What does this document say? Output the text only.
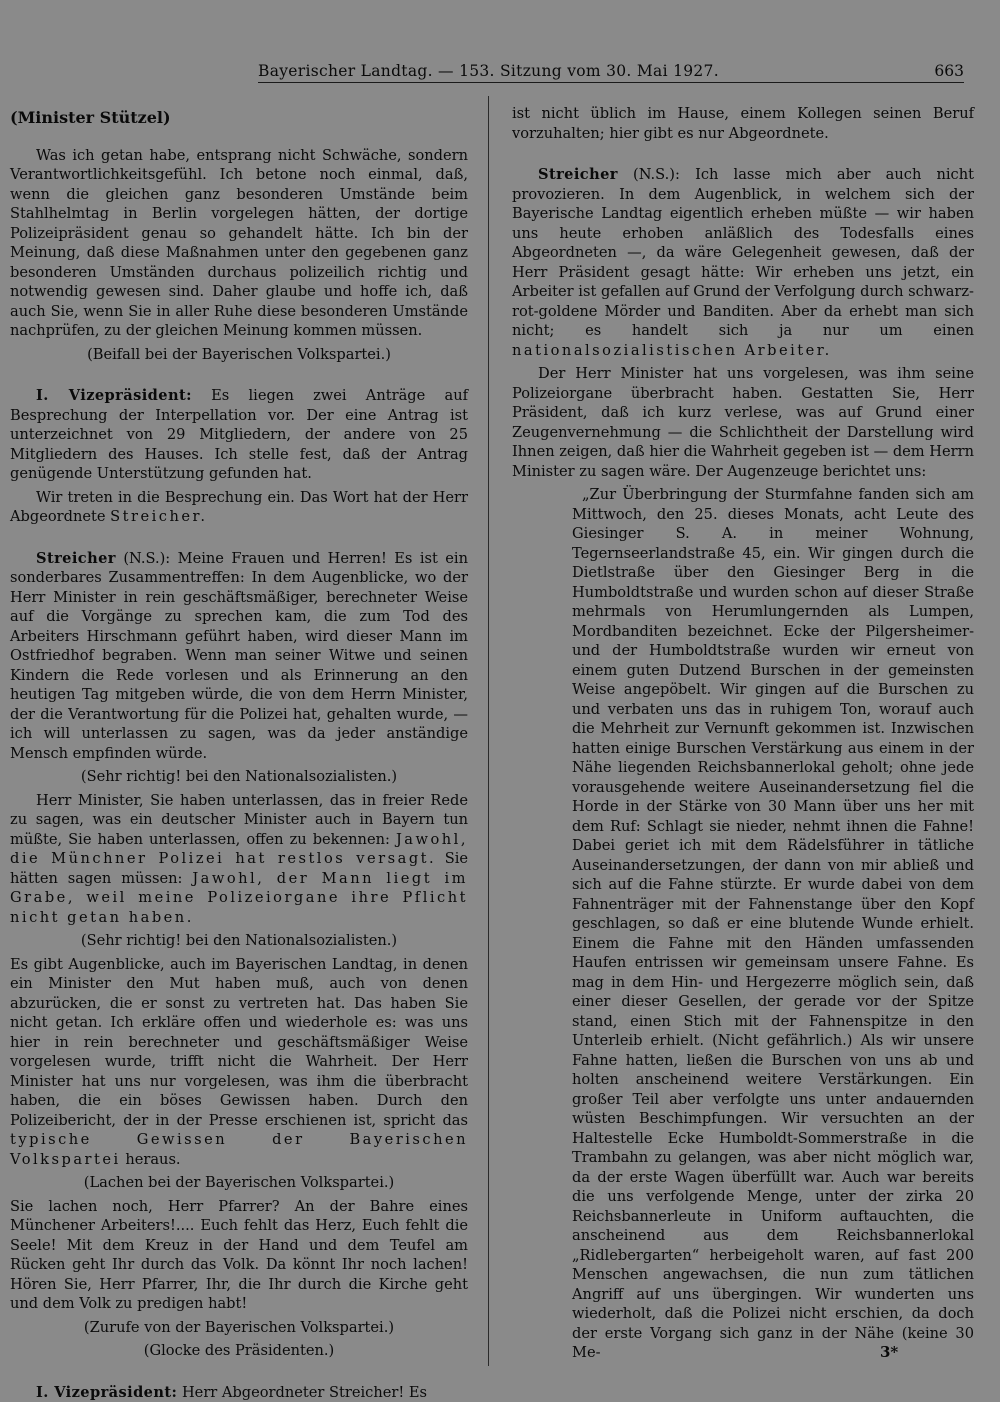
Bayerischer Landtag. — 153. Sitzung vom 30. Mai 1927.	663

(Minister Stützel)

Was ich getan habe, entsprang nicht Schwäche, sondern Verantwortlichkeitsgefühl. Ich betone noch einmal, daß, wenn die gleichen ganz besonderen Umstände beim Stahlhelmtag in Berlin vorgelegen hätten, der dortige Polizeipräsident genau so gehandelt hätte. Ich bin der Meinung, daß diese Maßnahmen unter den gegebenen ganz besonderen Umständen durchaus polizeilich richtig und notwendig gewesen sind. Daher glaube und hoffe ich, daß auch Sie, wenn Sie in aller Ruhe diese besonderen Umstände nachprüfen, zu der gleichen Meinung kommen müssen.

(Beifall bei der Bayerischen Volkspartei.)

I. Vizepräsident: Es liegen zwei Anträge auf Besprechung der Interpellation vor. Der eine Antrag ist unterzeichnet von 29 Mitgliedern, der andere von 25 Mitgliedern des Hauses. Ich stelle fest, daß der Antrag genügende Unterstützung gefunden hat.

Wir treten in die Besprechung ein. Das Wort hat der Herr Abgeordnete Streicher.

Streicher (N.S.): Meine Frauen und Herren! Es ist ein sonderbares Zusammentreffen: In dem Augenblicke, wo der Herr Minister in rein geschäftsmäßiger, berechneter Weise auf die Vorgänge zu sprechen kam, die zum Tod des Arbeiters Hirschmann geführt haben, wird dieser Mann im Ostfriedhof begraben. Wenn man seiner Witwe und seinen Kindern die Rede vorlesen und als Erinnerung an den heutigen Tag mitgeben würde, die von dem Herrn Minister, der die Verantwortung für die Polizei hat, gehalten wurde, — ich will unterlassen zu sagen, was da jeder anständige Mensch empfinden würde.

(Sehr richtig! bei den Nationalsozialisten.)

Herr Minister, Sie haben unterlassen, das in freier Rede zu sagen, was ein deutscher Minister auch in Bayern tun müßte, Sie haben unterlassen, offen zu bekennen: Jawohl, die Münchner Polizei hat restlos versagt. Sie hätten sagen müssen: Jawohl, der Mann liegt im Grabe, weil meine Polizeiorgane ihre Pflicht nicht getan haben.

(Sehr richtig! bei den Nationalsozialisten.)

Es gibt Augenblicke, auch im Bayerischen Landtag, in denen ein Minister den Mut haben muß, auch von denen abzurücken, die er sonst zu vertreten hat. Das haben Sie nicht getan. Ich erkläre offen und wiederhole es: was uns hier in rein berechneter und geschäftsmäßiger Weise vorgelesen wurde, trifft nicht die Wahrheit. Der Herr Minister hat uns nur vorgelesen, was ihm die überbracht haben, die ein böses Gewissen haben. Durch den Polizeibericht, der in der Presse erschienen ist, spricht das typische Gewissen der Bayerischen Volkspartei heraus.

(Lachen bei der Bayerischen Volkspartei.)

Sie lachen noch, Herr Pfarrer? An der Bahre eines Münchener Arbeiters!.... Euch fehlt das Herz, Euch fehlt die Seele! Mit dem Kreuz in der Hand und dem Teufel am Rücken geht Ihr durch das Volk. Da könnt Ihr noch lachen! Hören Sie, Herr Pfarrer, Ihr, die Ihr durch die Kirche geht und dem Volk zu predigen habt!

(Zurufe von der Bayerischen Volkspartei.)

(Glocke des Präsidenten.)

I. Vizepräsident: Herr Abgeordneter Streicher! Es

ist nicht üblich im Hause, einem Kollegen seinen Beruf vorzuhalten; hier gibt es nur Abgeordnete.

Streicher (N.S.): Ich lasse mich aber auch nicht provozieren. In dem Augenblick, in welchem sich der Bayerische Landtag eigentlich erheben müßte — wir haben uns heute erhoben anläßlich des Todesfalls eines Abgeordneten —, da wäre Gelegenheit gewesen, daß der Herr Präsident gesagt hätte: Wir erheben uns jetzt, ein Arbeiter ist gefallen auf Grund der Verfolgung durch schwarz-rot-goldene Mörder und Banditen. Aber da erhebt man sich nicht; es handelt sich ja nur um einen nationalsozialistischen Arbeiter.

Der Herr Minister hat uns vorgelesen, was ihm seine Polizeiorgane überbracht haben. Gestatten Sie, Herr Präsident, daß ich kurz verlese, was auf Grund einer Zeugenvernehmung — die Schlichtheit der Darstellung wird Ihnen zeigen, daß hier die Wahrheit gegeben ist — dem Herrn Minister zu sagen wäre. Der Augenzeuge berichtet uns:

„Zur Überbringung der Sturmfahne fanden sich am Mittwoch, den 25. dieses Monats, acht Leute des Giesinger S. A. in meiner Wohnung, Tegernseerlandstraße 45, ein. Wir gingen durch die Dietlstraße über den Giesinger Berg in die Humboldtstraße und wurden schon auf dieser Straße mehrmals von Herumlungernden als Lumpen, Mordbanditen bezeichnet. Ecke der Pilgersheimer- und der Humboldtstraße wurden wir erneut von einem guten Dutzend Burschen in der gemeinsten Weise angepöbelt. Wir gingen auf die Burschen zu und verbaten uns das in ruhigem Ton, worauf auch die Mehrheit zur Vernunft gekommen ist. Inzwischen hatten einige Burschen Verstärkung aus einem in der Nähe liegenden Reichsbannerlokal geholt; ohne jede vorausgehende weitere Auseinandersetzung fiel die Horde in der Stärke von 30 Mann über uns her mit dem Ruf: Schlagt sie nieder, nehmt ihnen die Fahne! Dabei geriet ich mit dem Rädelsführer in tätliche Auseinandersetzungen, der dann von mir abließ und sich auf die Fahne stürzte. Er wurde dabei von dem Fahnenträger mit der Fahnenstange über den Kopf geschlagen, so daß er eine blutende Wunde erhielt. Einem die Fahne mit den Händen umfassenden Haufen entrissen wir gemeinsam unsere Fahne. Es mag in dem Hin- und Hergezerre möglich sein, daß einer dieser Gesellen, der gerade vor der Spitze stand, einen Stich mit der Fahnenspitze in den Unterleib erhielt. (Nicht gefährlich.) Als wir unsere Fahne hatten, ließen die Burschen von uns ab und holten anscheinend weitere Verstärkungen. Ein großer Teil aber verfolgte uns unter andauernden wüsten Beschimpfungen. Wir versuchten an der Haltestelle Ecke Humboldt-Sommerstraße in die Trambahn zu gelangen, was aber nicht möglich war, da der erste Wagen überfüllt war. Auch war bereits die uns verfolgende Menge, unter der zirka 20 Reichsbannerleute in Uniform auftauchten, die anscheinend aus dem Reichsbannerlokal „Ridlebergarten“ herbeigeholt waren, auf fast 200 Menschen angewachsen, die nun zum tätlichen Angriff auf uns übergingen. Wir wunderten uns wiederholt, daß die Polizei nicht erschien, da doch der erste Vorgang sich ganz in der Nähe (keine 30 Me-	3*
